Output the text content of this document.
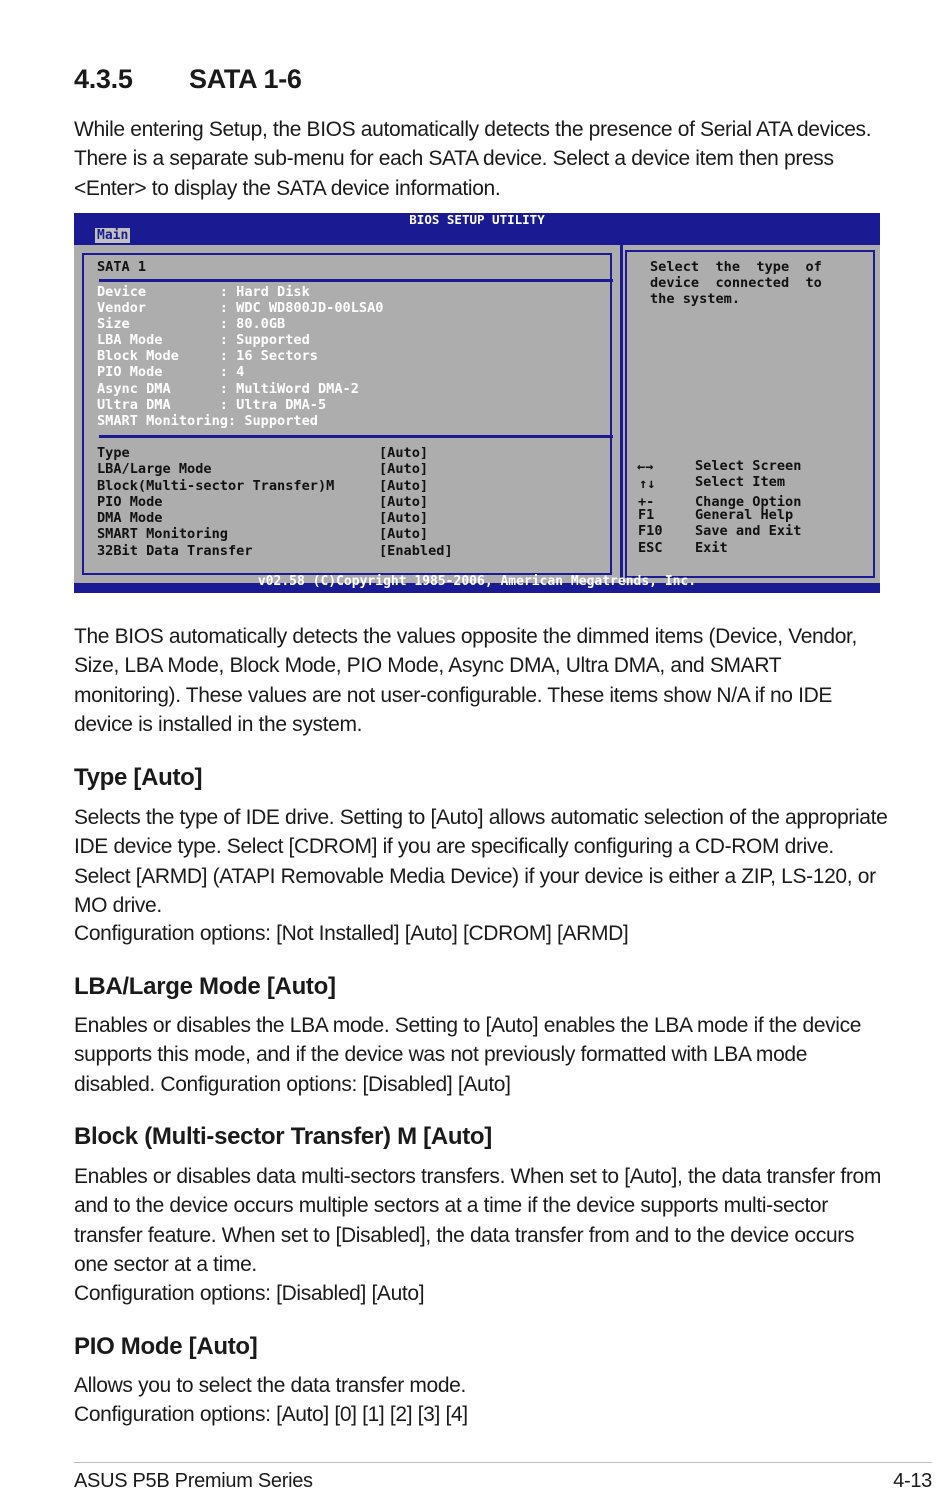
4.3.5 SATA 1-6

While entering Setup, the BIOS automatically detects the presence of Serial ATA devices. There is a separate sub-menu for each SATA device. Select a device item then press <Enter> to display the SATA device information.

BIOS SETUP UTILITY
Main
SATA 1
Device         : Hard Disk
Vendor         : WDC WD800JD-00LSA0
Size           : 80.0GB
LBA Mode       : Supported
Block Mode     : 16 Sectors
PIO Mode       : 4
Async DMA      : MultiWord DMA-2
Ultra DMA      : Ultra DMA-5
SMART Monitoring: Supported
Type	[Auto]
LBA/Large Mode	[Auto]
Block(Multi-sector Transfer)M	[Auto]
PIO Mode	[Auto]
DMA Mode	[Auto]
SMART Monitoring	[Auto]
32Bit Data Transfer	[Enabled]
Select  the  type  of
device  connected  to
the system.
←→	Select Screen
↑↓	Select Item
+-	Change Option
F1	General Help
F10 Save and Exit
ESC Exit
v02.58 (C)Copyright 1985-2006, American Megatrends, Inc.

The BIOS automatically detects the values opposite the dimmed items (Device, Vendor, Size, LBA Mode, Block Mode, PIO Mode, Async DMA, Ultra DMA, and SMART monitoring). These values are not user-configurable. These items show N/A if no IDE device is installed in the system.

Type [Auto]

Selects the type of IDE drive. Setting to [Auto] allows automatic selection of the appropriate IDE device type. Select [CDROM] if you are specifically configuring a CD-ROM drive. Select [ARMD] (ATAPI Removable Media Device) if your device is either a ZIP, LS-120, or MO drive.

Configuration options: [Not Installed] [Auto] [CDROM] [ARMD]

LBA/Large Mode [Auto]

Enables or disables the LBA mode. Setting to [Auto] enables the LBA mode if the device supports this mode, and if the device was not previously formatted with LBA mode disabled. Configuration options: [Disabled] [Auto]

Block (Multi-sector Transfer) M [Auto]

Enables or disables data multi-sectors transfers. When set to [Auto], the data transfer from and to the device occurs multiple sectors at a time if the device supports multi-sector transfer feature. When set to [Disabled], the data transfer from and to the device occurs one sector at a time.

Configuration options: [Disabled] [Auto]

PIO Mode [Auto]

Allows you to select the data transfer mode.

Configuration options: [Auto] [0] [1] [2] [3] [4]

ASUS P5B Premium Series	4-13
